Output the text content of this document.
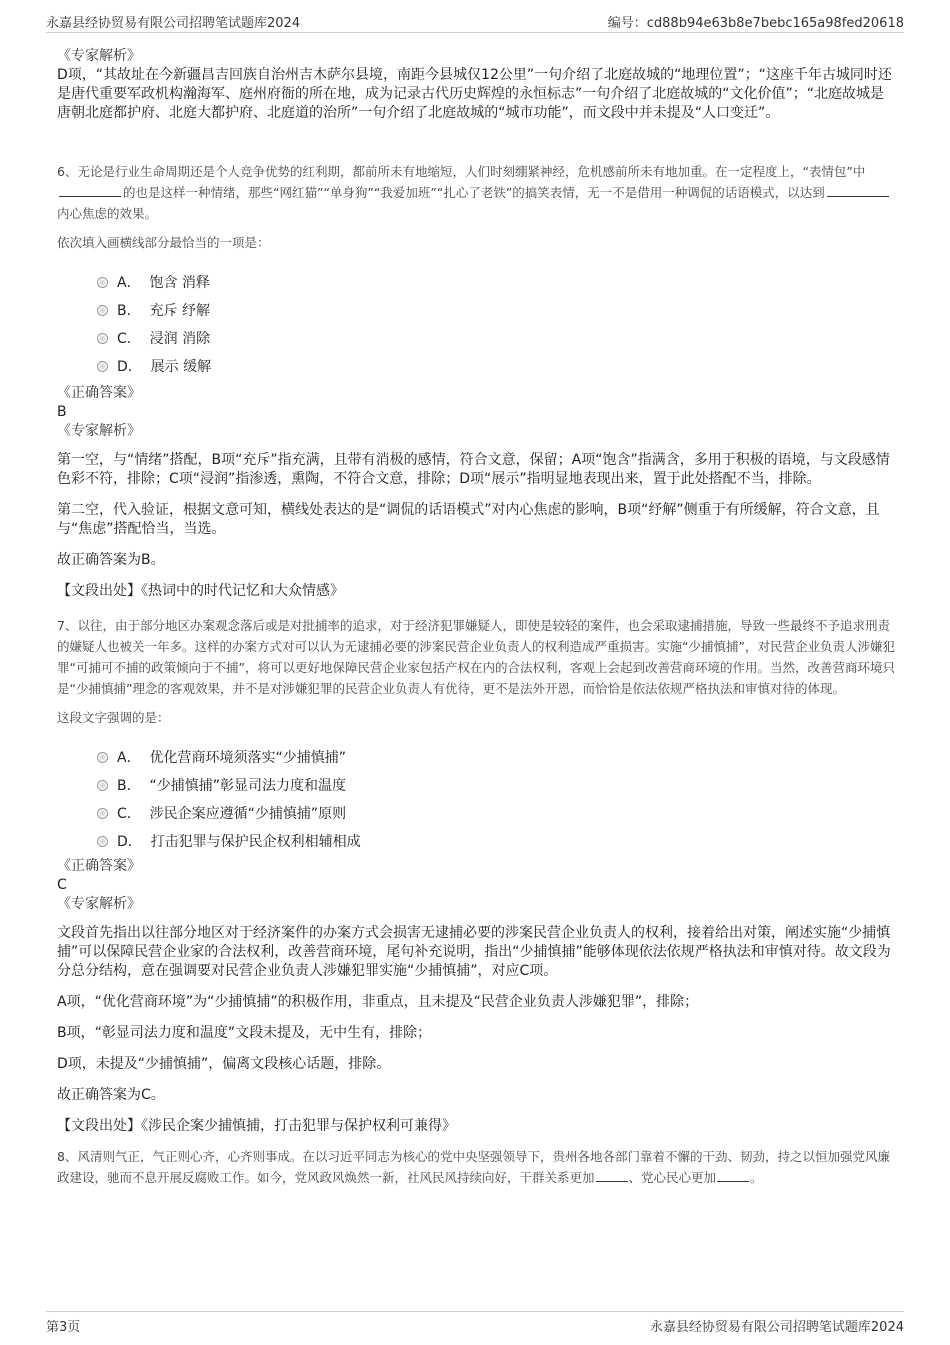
永嘉县经协贸易有限公司招聘笔试题库2024	编号：cd88b94e63b8e7bebc165a98fed20618

《专家解析》

D项，“其故址在今新疆昌吉回族自治州吉木萨尔县境，南距今县城仅12公里”一句介绍了北庭故城的“地理位置”；“这座千年古城同时还是唐代重要军政机构瀚海军、庭州府衙的所在地，成为记录古代历史辉煌的永恒标志”一句介绍了北庭故城的“文化价值”；“北庭故城是唐朝北庭都护府、北庭大都护府、北庭道的治所”一句介绍了北庭故城的“城市功能”，而文段中并未提及“人口变迁”。

6、无论是行业生命周期还是个人竞争优势的红利期，都前所未有地缩短，人们时刻绷紧神经，危机感前所未有地加重。在一定程度上，“表情包”中的也是这样一种情绪，那些“网红猫”“单身狗”“我爱加班”“扎心了老铁”的搞笑表情，无一不是借用一种调侃的话语模式，以达到内心焦虑的效果。

依次填入画横线部分最恰当的一项是：

A．  饱含 消释
B．  充斥 纾解
C．  浸润 消除
D．  展示 缓解

《正确答案》

B

《专家解析》

第一空，与“情绪”搭配，B项“充斥”指充满，且带有消极的感情，符合文意，保留；A项“饱含”指满含，多用于积极的语境，与文段感情色彩不符，排除；C项“浸润”指渗透，熏陶，不符合文意，排除；D项“展示”指明显地表现出来，置于此处搭配不当，排除。

第二空，代入验证，根据文意可知，横线处表达的是“调侃的话语模式”对内心焦虑的影响，B项“纾解”侧重于有所缓解，符合文意，且与“焦虑”搭配恰当，当选。

故正确答案为B。

【文段出处】《热词中的时代记忆和大众情感》

7、以往，由于部分地区办案观念落后或是对批捕率的追求，对于经济犯罪嫌疑人，即使是较轻的案件，也会采取逮捕措施，导致一些最终不予追求刑责的嫌疑人也被关一年多。这样的办案方式对可以认为无逮捕必要的涉案民营企业负责人的权利造成严重损害。实施“少捕慎捕”，对民营企业负责人涉嫌犯罪“可捕可不捕的政策倾向于不捕”，将可以更好地保障民营企业家包括产权在内的合法权利，客观上会起到改善营商环境的作用。当然，改善营商环境只是“少捕慎捕”理念的客观效果，并不是对涉嫌犯罪的民营企业负责人有优待，更不是法外开恩，而恰恰是依法依规严格执法和审慎对待的体现。

这段文字强调的是：

A．  优化营商环境须落实“少捕慎捕”
B．  “少捕慎捕”彰显司法力度和温度
C．  涉民企案应遵循“少捕慎捕”原则
D．  打击犯罪与保护民企权利相辅相成

《正确答案》

C

《专家解析》

文段首先指出以往部分地区对于经济案件的办案方式会损害无逮捕必要的涉案民营企业负责人的权利，接着给出对策，阐述实施“少捕慎捕”可以保障民营企业家的合法权利，改善营商环境，尾句补充说明，指出“少捕慎捕”能够体现依法依规严格执法和审慎对待。故文段为分总分结构，意在强调要对民营企业负责人涉嫌犯罪实施“少捕慎捕”，对应C项。

A项，“优化营商环境”为“少捕慎捕”的积极作用，非重点，且未提及“民营企业负责人涉嫌犯罪”，排除；

B项，“彰显司法力度和温度”文段未提及，无中生有，排除；

D项，未提及“少捕慎捕”，偏离文段核心话题，排除。

故正确答案为C。

【文段出处】《涉民企案少捕慎捕，打击犯罪与保护权利可兼得》

8、风清则气正，气正则心齐，心齐则事成。在以习近平同志为核心的党中央坚强领导下，贵州各地各部门靠着不懈的干劲、韧劲，持之以恒加强党风廉政建设，驰而不息开展反腐败工作。如今，党风政风焕然一新，社风民风持续向好，干群关系更加	、党心民心更加	。

第3页	永嘉县经协贸易有限公司招聘笔试题库2024
